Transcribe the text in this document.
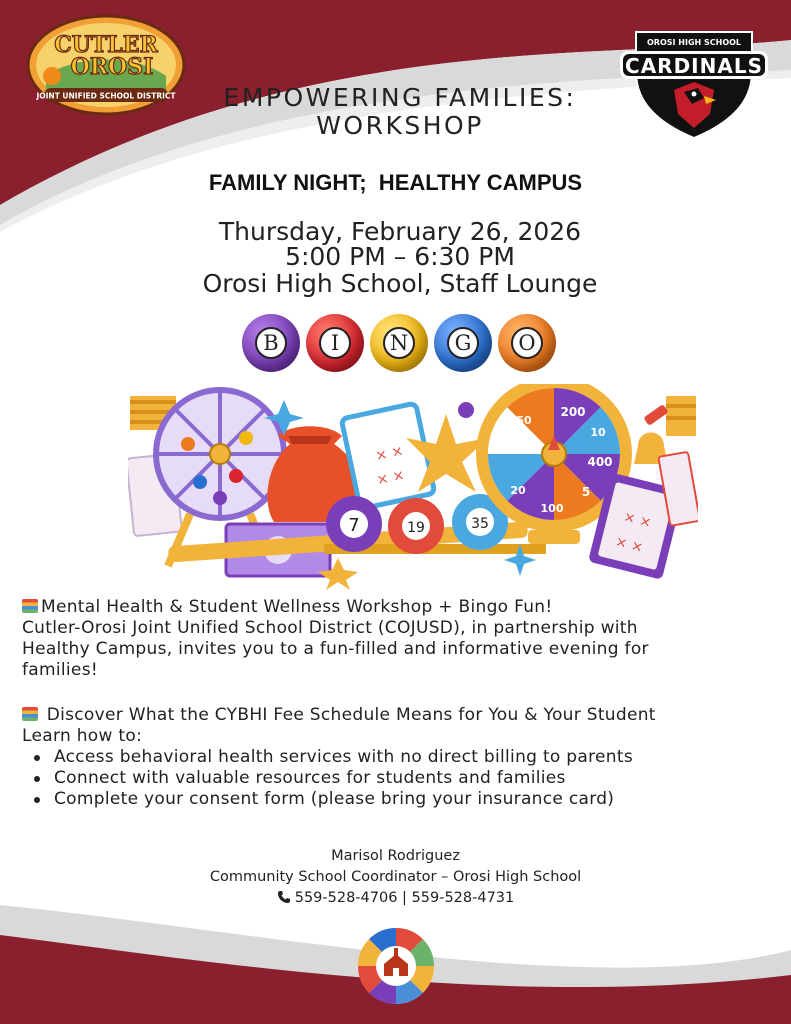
CUTLER
OROSI
JOINT UNIFIED SCHOOL DISTRICT
OROSI HIGH SCHOOL
CARDINALS
EMPOWERING FAMILIES:
WORKSHOP
FAMILY NIGHT;  HEALTHY CAMPUS
Thursday, February 26, 2026
5:00 PM – 6:30 PM
Orosi High School, Staff Lounge
B	I	N	G	O
× ×
× ×
7	19	35
200
10
400
5
100
20
300
50
× ×
× ×
Mental Health & Student Wellness Workshop + Bingo Fun!
Cutler-Orosi Joint Unified School District (COJUSD), in partnership with
Healthy Campus, invites you to a fun-filled and informative evening for
families!
Discover What the CYBHI Fee Schedule Means for You & Your Student
Learn how to:
Access behavioral health services with no direct billing to parents
Connect with valuable resources for students and families
Complete your consent form (please bring your insurance card)
Marisol Rodriguez
Community School Coordinator – Orosi High School
559-528-4706 | 559-528-4731
